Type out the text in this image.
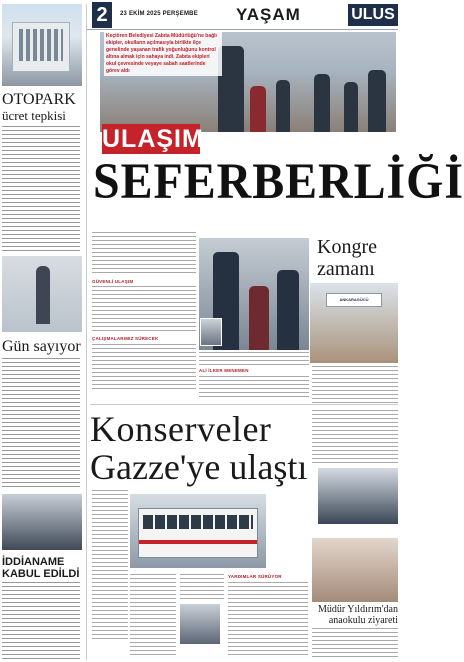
2	23 EKİM 2025 PERŞEMBE YAŞAM	ULUS
OTOPARK
ücret tepkisi
Gün sayıyor
İDDİANAME KABUL EDİLDİ
Keçiören Belediyesi Zabıta Müdürlüğü'ne bağlı ekipler, okulların açılmasıyla birlikte ilçe genelinde yaşanan trafik yoğunluğunu kontrol altına almak için sahaya indi. Zabıta ekipleri okul çevresinde veyaye sabah saatlerinde görev aldı
ULAŞIM
SEFERBERLİĞİ
GÜVENLİ ULAŞIM
ÇALIŞMALARIMIZ SÜRECEK
ALİ İLKER MENEMEN
Kongre
zamanı
ANKARAGÜCÜ
Konserveler
Gazze'ye ulaştı
YARDIMLAR SÜRÜYOR
Müdür Yıldırım'dan
anaokulu ziyareti
